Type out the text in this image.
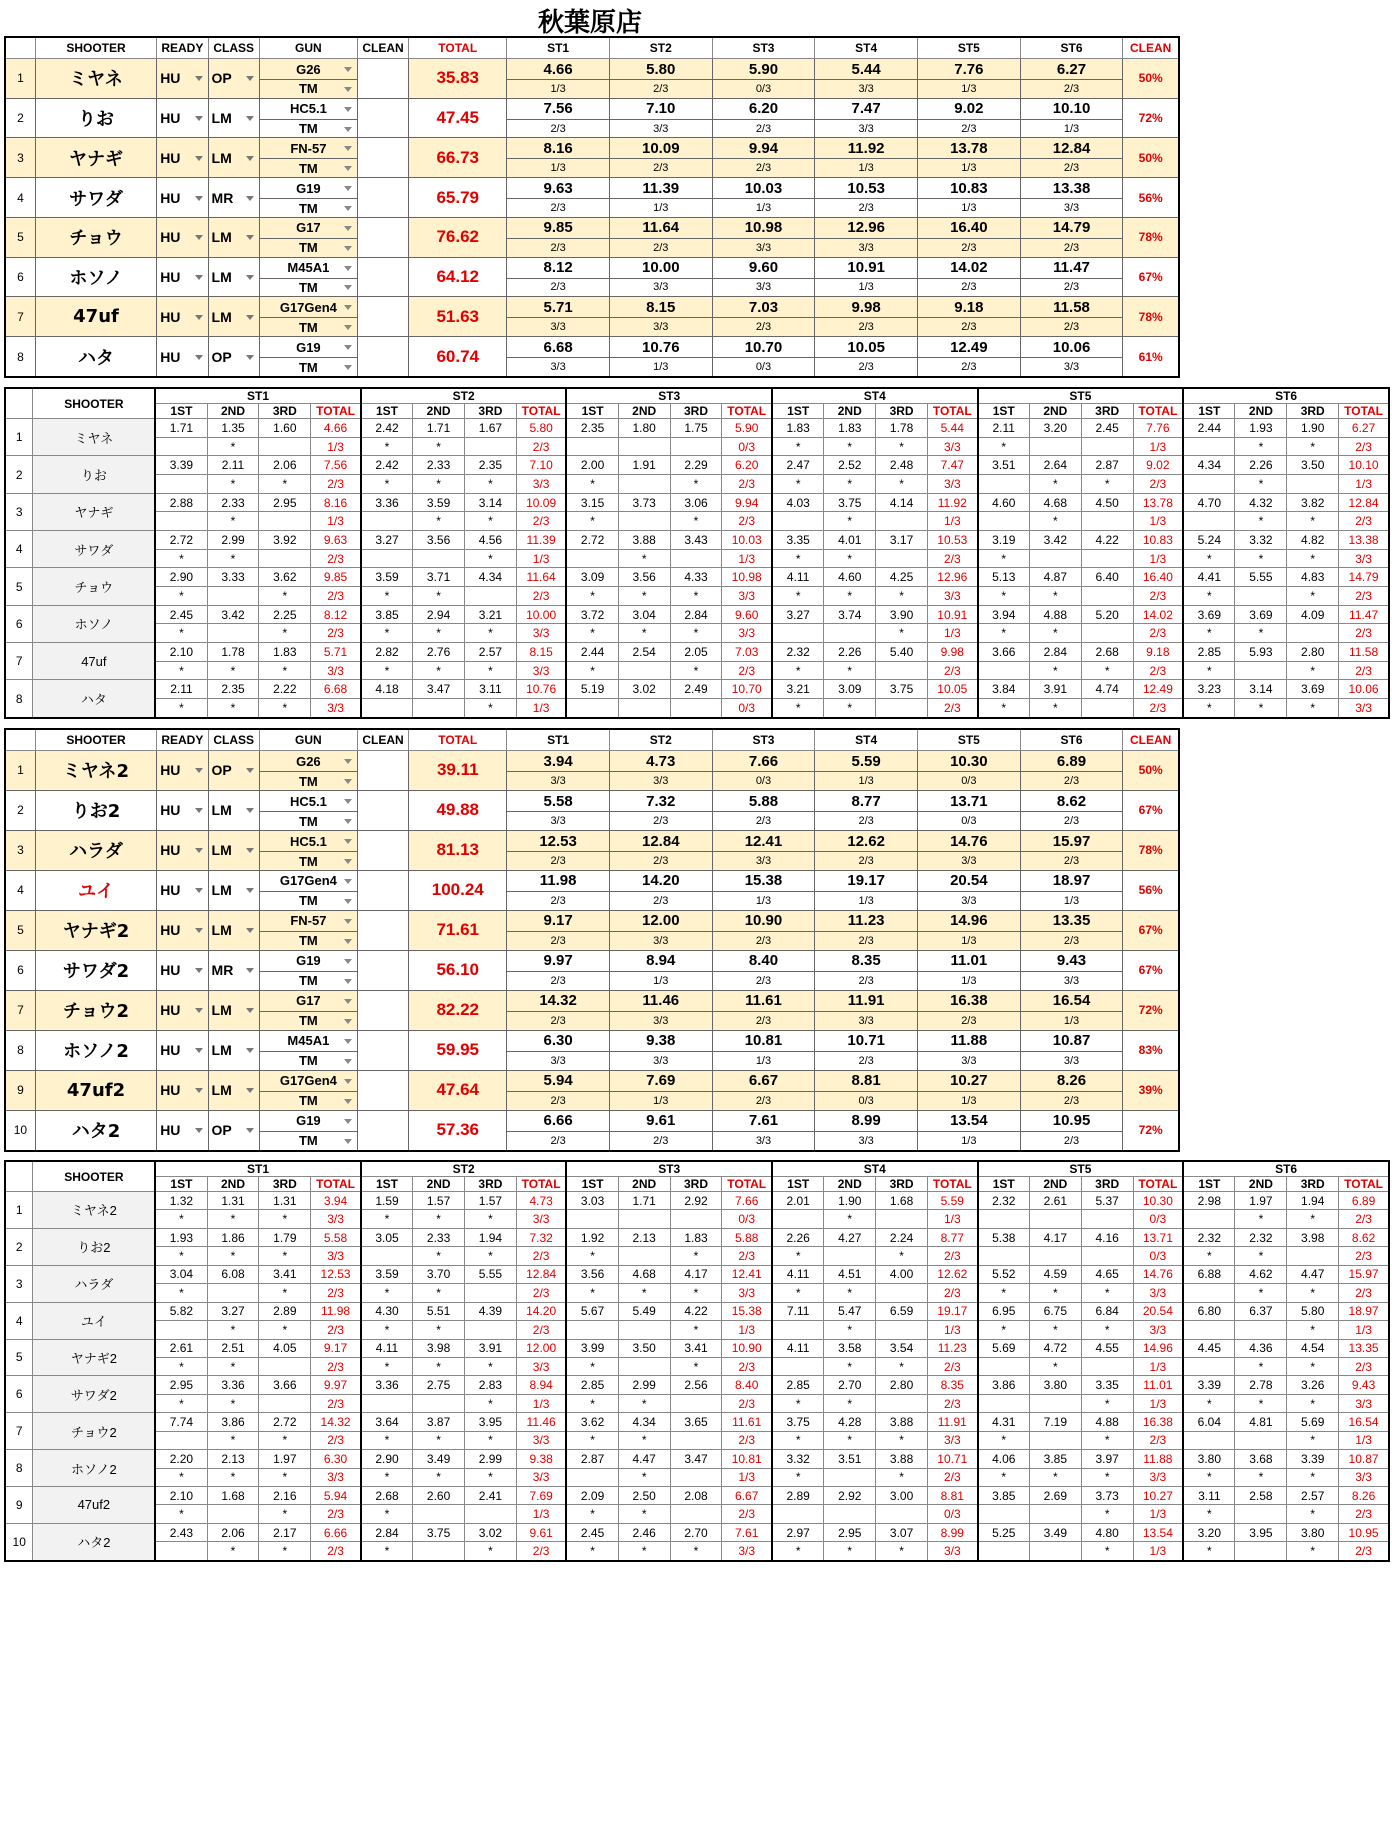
秋葉原店
	SHOOTER	READY	CLASS	GUN	CLEAN	TOTAL	ST1	ST2	ST3	ST4	ST5	ST6	CLEAN
1	ミヤネ	HU	OP	G26		35.83	4.66	5.80	5.90	5.44	7.76	6.27	50%
				TM			1/3	2/3	0/3	3/3	1/3	2/3	
2	りお	HU	LM	HC5.1		47.45	7.56	7.10	6.20	7.47	9.02	10.10	72%
				TM			2/3	3/3	2/3	3/3	2/3	1/3	
3	ヤナギ	HU	LM	FN-57		66.73	8.16	10.09	9.94	11.92	13.78	12.84	50%
				TM			1/3	2/3	2/3	1/3	1/3	2/3	
4	サワダ	HU	MR	G19		65.79	9.63	11.39	10.03	10.53	10.83	13.38	56%
				TM			2/3	1/3	1/3	2/3	1/3	3/3	
5	チョウ	HU	LM	G17		76.62	9.85	11.64	10.98	12.96	16.40	14.79	78%
				TM			2/3	2/3	3/3	3/3	2/3	2/3	
6	ホソノ	HU	LM	M45A1		64.12	8.12	10.00	9.60	10.91	14.02	11.47	67%
				TM			2/3	3/3	3/3	1/3	2/3	2/3	
7	47uf	HU	LM	G17Gen4		51.63	5.71	8.15	7.03	9.98	9.18	11.58	78%
				TM			3/3	3/3	2/3	2/3	2/3	2/3	
8	ハタ	HU	OP	G19		60.74	6.68	10.76	10.70	10.05	12.49	10.06	61%
				TM			3/3	1/3	0/3	2/3	2/3	3/3	
	SHOOTER	ST1				ST2				ST3				ST4				ST5				ST6			
		1ST	2ND	3RD	TOTAL	1ST	2ND	3RD	TOTAL	1ST	2ND	3RD	TOTAL	1ST	2ND	3RD	TOTAL	1ST	2ND	3RD	TOTAL	1ST	2ND	3RD	TOTAL
1	ミヤネ	1.71	1.35	1.60	4.66	2.42	1.71	1.67	5.80	2.35	1.80	1.75	5.90	1.83	1.83	1.78	5.44	2.11	3.20	2.45	7.76	2.44	1.93	1.90	6.27
			*		1/3	*	*		2/3				0/3	*	*	*	3/3	*			1/3		*	*	2/3
2	りお	3.39	2.11	2.06	7.56	2.42	2.33	2.35	7.10	2.00	1.91	2.29	6.20	2.47	2.52	2.48	7.47	3.51	2.64	2.87	9.02	4.34	2.26	3.50	10.10
			*	*	2/3	*	*	*	3/3	*		*	2/3	*	*	*	3/3		*	*	2/3		*		1/3
3	ヤナギ	2.88	2.33	2.95	8.16	3.36	3.59	3.14	10.09	3.15	3.73	3.06	9.94	4.03	3.75	4.14	11.92	4.60	4.68	4.50	13.78	4.70	4.32	3.82	12.84
			*		1/3		*	*	2/3	*		*	2/3		*		1/3		*		1/3		*	*	2/3
4	サワダ	2.72	2.99	3.92	9.63	3.27	3.56	4.56	11.39	2.72	3.88	3.43	10.03	3.35	4.01	3.17	10.53	3.19	3.42	4.22	10.83	5.24	3.32	4.82	13.38
		*	*		2/3			*	1/3		*		1/3	*	*		2/3	*			1/3	*	*	*	3/3
5	チョウ	2.90	3.33	3.62	9.85	3.59	3.71	4.34	11.64	3.09	3.56	4.33	10.98	4.11	4.60	4.25	12.96	5.13	4.87	6.40	16.40	4.41	5.55	4.83	14.79
		*		*	2/3	*	*		2/3	*	*	*	3/3	*	*	*	3/3	*	*		2/3	*		*	2/3
6	ホソノ	2.45	3.42	2.25	8.12	3.85	2.94	3.21	10.00	3.72	3.04	2.84	9.60	3.27	3.74	3.90	10.91	3.94	4.88	5.20	14.02	3.69	3.69	4.09	11.47
		*		*	2/3	*	*	*	3/3	*	*	*	3/3			*	1/3	*	*		2/3	*	*		2/3
7	47uf	2.10	1.78	1.83	5.71	2.82	2.76	2.57	8.15	2.44	2.54	2.05	7.03	2.32	2.26	5.40	9.98	3.66	2.84	2.68	9.18	2.85	5.93	2.80	11.58
		*	*	*	3/3	*	*	*	3/3	*		*	2/3	*	*		2/3		*	*	2/3	*		*	2/3
8	ハタ	2.11	2.35	2.22	6.68	4.18	3.47	3.11	10.76	5.19	3.02	2.49	10.70	3.21	3.09	3.75	10.05	3.84	3.91	4.74	12.49	3.23	3.14	3.69	10.06
		*	*	*	3/3			*	1/3				0/3	*	*		2/3	*	*		2/3	*	*	*	3/3
	SHOOTER	READY	CLASS	GUN	CLEAN	TOTAL	ST1	ST2	ST3	ST4	ST5	ST6	CLEAN
1	ミヤネ2	HU	OP	G26		39.11	3.94	4.73	7.66	5.59	10.30	6.89	50%
				TM			3/3	3/3	0/3	1/3	0/3	2/3	
2	りお2	HU	LM	HC5.1		49.88	5.58	7.32	5.88	8.77	13.71	8.62	67%
				TM			3/3	2/3	2/3	2/3	0/3	2/3	
3	ハラダ	HU	LM	HC5.1		81.13	12.53	12.84	12.41	12.62	14.76	15.97	78%
				TM			2/3	2/3	3/3	2/3	3/3	2/3	
4	ユイ	HU	LM	G17Gen4		100.24	11.98	14.20	15.38	19.17	20.54	18.97	56%
				TM			2/3	2/3	1/3	1/3	3/3	1/3	
5	ヤナギ2	HU	LM	FN-57		71.61	9.17	12.00	10.90	11.23	14.96	13.35	67%
				TM			2/3	3/3	2/3	2/3	1/3	2/3	
6	サワダ2	HU	MR	G19		56.10	9.97	8.94	8.40	8.35	11.01	9.43	67%
				TM			2/3	1/3	2/3	2/3	1/3	3/3	
7	チョウ2	HU	LM	G17		82.22	14.32	11.46	11.61	11.91	16.38	16.54	72%
				TM			2/3	3/3	2/3	3/3	2/3	1/3	
8	ホソノ2	HU	LM	M45A1		59.95	6.30	9.38	10.81	10.71	11.88	10.87	83%
				TM			3/3	3/3	1/3	2/3	3/3	3/3	
9	47uf2	HU	LM	G17Gen4		47.64	5.94	7.69	6.67	8.81	10.27	8.26	39%
				TM			2/3	1/3	2/3	0/3	1/3	2/3	
10	ハタ2	HU	OP	G19		57.36	6.66	9.61	7.61	8.99	13.54	10.95	72%
				TM			2/3	2/3	3/3	3/3	1/3	2/3	
	SHOOTER	ST1				ST2				ST3				ST4				ST5				ST6			
		1ST	2ND	3RD	TOTAL	1ST	2ND	3RD	TOTAL	1ST	2ND	3RD	TOTAL	1ST	2ND	3RD	TOTAL	1ST	2ND	3RD	TOTAL	1ST	2ND	3RD	TOTAL
1	ミヤネ2	1.32	1.31	1.31	3.94	1.59	1.57	1.57	4.73	3.03	1.71	2.92	7.66	2.01	1.90	1.68	5.59	2.32	2.61	5.37	10.30	2.98	1.97	1.94	6.89
		*	*	*	3/3	*	*	*	3/3				0/3		*		1/3				0/3		*	*	2/3
2	りお2	1.93	1.86	1.79	5.58	3.05	2.33	1.94	7.32	1.92	2.13	1.83	5.88	2.26	4.27	2.24	8.77	5.38	4.17	4.16	13.71	2.32	2.32	3.98	8.62
		*	*	*	3/3		*	*	2/3	*		*	2/3	*		*	2/3				0/3	*	*		2/3
3	ハラダ	3.04	6.08	3.41	12.53	3.59	3.70	5.55	12.84	3.56	4.68	4.17	12.41	4.11	4.51	4.00	12.62	5.52	4.59	4.65	14.76	6.88	4.62	4.47	15.97
		*		*	2/3	*	*		2/3	*	*	*	3/3	*	*		2/3	*	*	*	3/3		*	*	2/3
4	ユイ	5.82	3.27	2.89	11.98	4.30	5.51	4.39	14.20	5.67	5.49	4.22	15.38	7.11	5.47	6.59	19.17	6.95	6.75	6.84	20.54	6.80	6.37	5.80	18.97
			*	*	2/3	*	*		2/3			*	1/3		*		1/3	*	*	*	3/3			*	1/3
5	ヤナギ2	2.61	2.51	4.05	9.17	4.11	3.98	3.91	12.00	3.99	3.50	3.41	10.90	4.11	3.58	3.54	11.23	5.69	4.72	4.55	14.96	4.45	4.36	4.54	13.35
		*	*		2/3	*	*	*	3/3	*		*	2/3		*	*	2/3		*		1/3		*	*	2/3
6	サワダ2	2.95	3.36	3.66	9.97	3.36	2.75	2.83	8.94	2.85	2.99	2.56	8.40	2.85	2.70	2.80	8.35	3.86	3.80	3.35	11.01	3.39	2.78	3.26	9.43
		*	*		2/3			*	1/3	*	*		2/3	*	*		2/3			*	1/3	*	*	*	3/3
7	チョウ2	7.74	3.86	2.72	14.32	3.64	3.87	3.95	11.46	3.62	4.34	3.65	11.61	3.75	4.28	3.88	11.91	4.31	7.19	4.88	16.38	6.04	4.81	5.69	16.54
			*	*	2/3	*	*	*	3/3	*	*		2/3	*	*	*	3/3	*		*	2/3			*	1/3
8	ホソノ2	2.20	2.13	1.97	6.30	2.90	3.49	2.99	9.38	2.87	4.47	3.47	10.81	3.32	3.51	3.88	10.71	4.06	3.85	3.97	11.88	3.80	3.68	3.39	10.87
		*	*	*	3/3	*	*	*	3/3		*		1/3	*		*	2/3	*	*	*	3/3	*	*	*	3/3
9	47uf2	2.10	1.68	2.16	5.94	2.68	2.60	2.41	7.69	2.09	2.50	2.08	6.67	2.89	2.92	3.00	8.81	3.85	2.69	3.73	10.27	3.11	2.58	2.57	8.26
		*		*	2/3	*			1/3	*	*		2/3				0/3			*	1/3	*		*	2/3
10	ハタ2	2.43	2.06	2.17	6.66	2.84	3.75	3.02	9.61	2.45	2.46	2.70	7.61	2.97	2.95	3.07	8.99	5.25	3.49	4.80	13.54	3.20	3.95	3.80	10.95
			*	*	2/3	*		*	2/3	*	*	*	3/3	*	*	*	3/3			*	1/3	*		*	2/3
